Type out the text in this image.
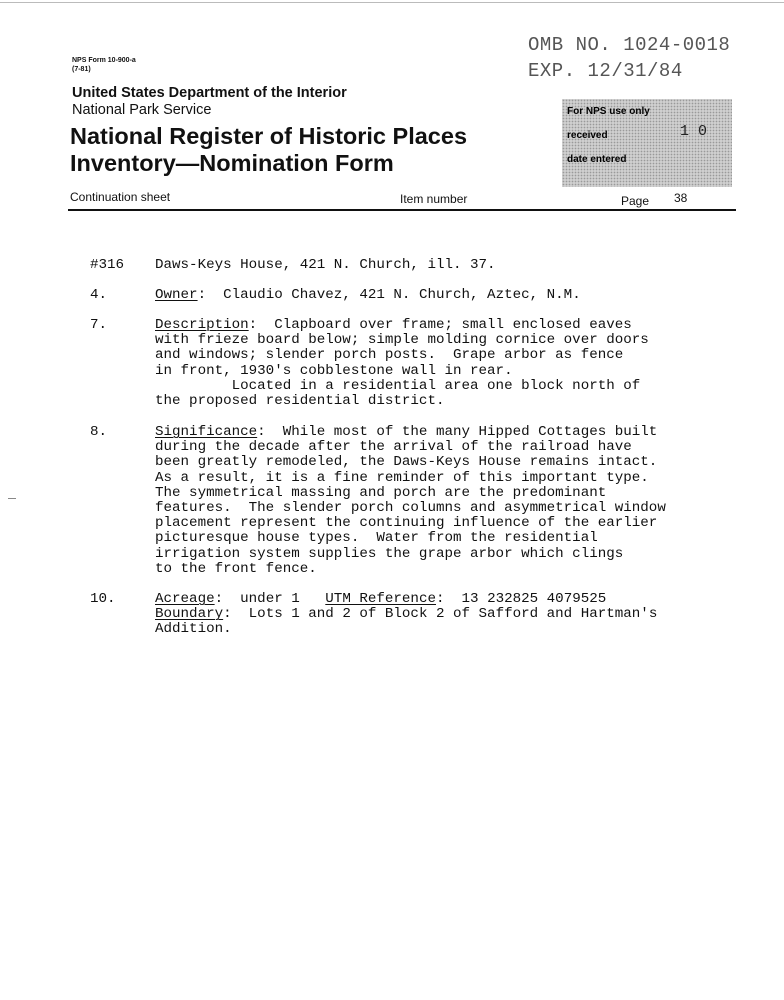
NPS Form 10-900-a
(7-81)
OMB NO. 1024-0018
EXP. 12/31/84
United States Department of the Interior
National Park Service
National Register of Historic Places
Inventory—Nomination Form
For NPS use only
received	1 0
date entered
Continuation sheet	Item number	Page 38
#316 Daws-Keys House, 421 N. Church, ill. 37.
4.	Owner:  Claudio Chavez, 421 N. Church, Aztec, N.M.
7.	Description:  Clapboard over frame; small enclosed eaves
with frieze board below; simple molding cornice over doors
and windows; slender porch posts.  Grape arbor as fence
in front, 1930's cobblestone wall in rear.
Located in a residential area one block north of
the proposed residential district.
8.	Significance:  While most of the many Hipped Cottages built
during the decade after the arrival of the railroad have
been greatly remodeled, the Daws-Keys House remains intact.
As a result, it is a fine reminder of this important type.
The symmetrical massing and porch are the predominant
features.  The slender porch columns and asymmetrical window
placement represent the continuing influence of the earlier
picturesque house types.  Water from the residential
irrigation system supplies the grape arbor which clings
to the front fence.
10.	Acreage:  under 1   UTM Reference:  13 232825 4079525
Boundary:  Lots 1 and 2 of Block 2 of Safford and Hartman's
Addition.
